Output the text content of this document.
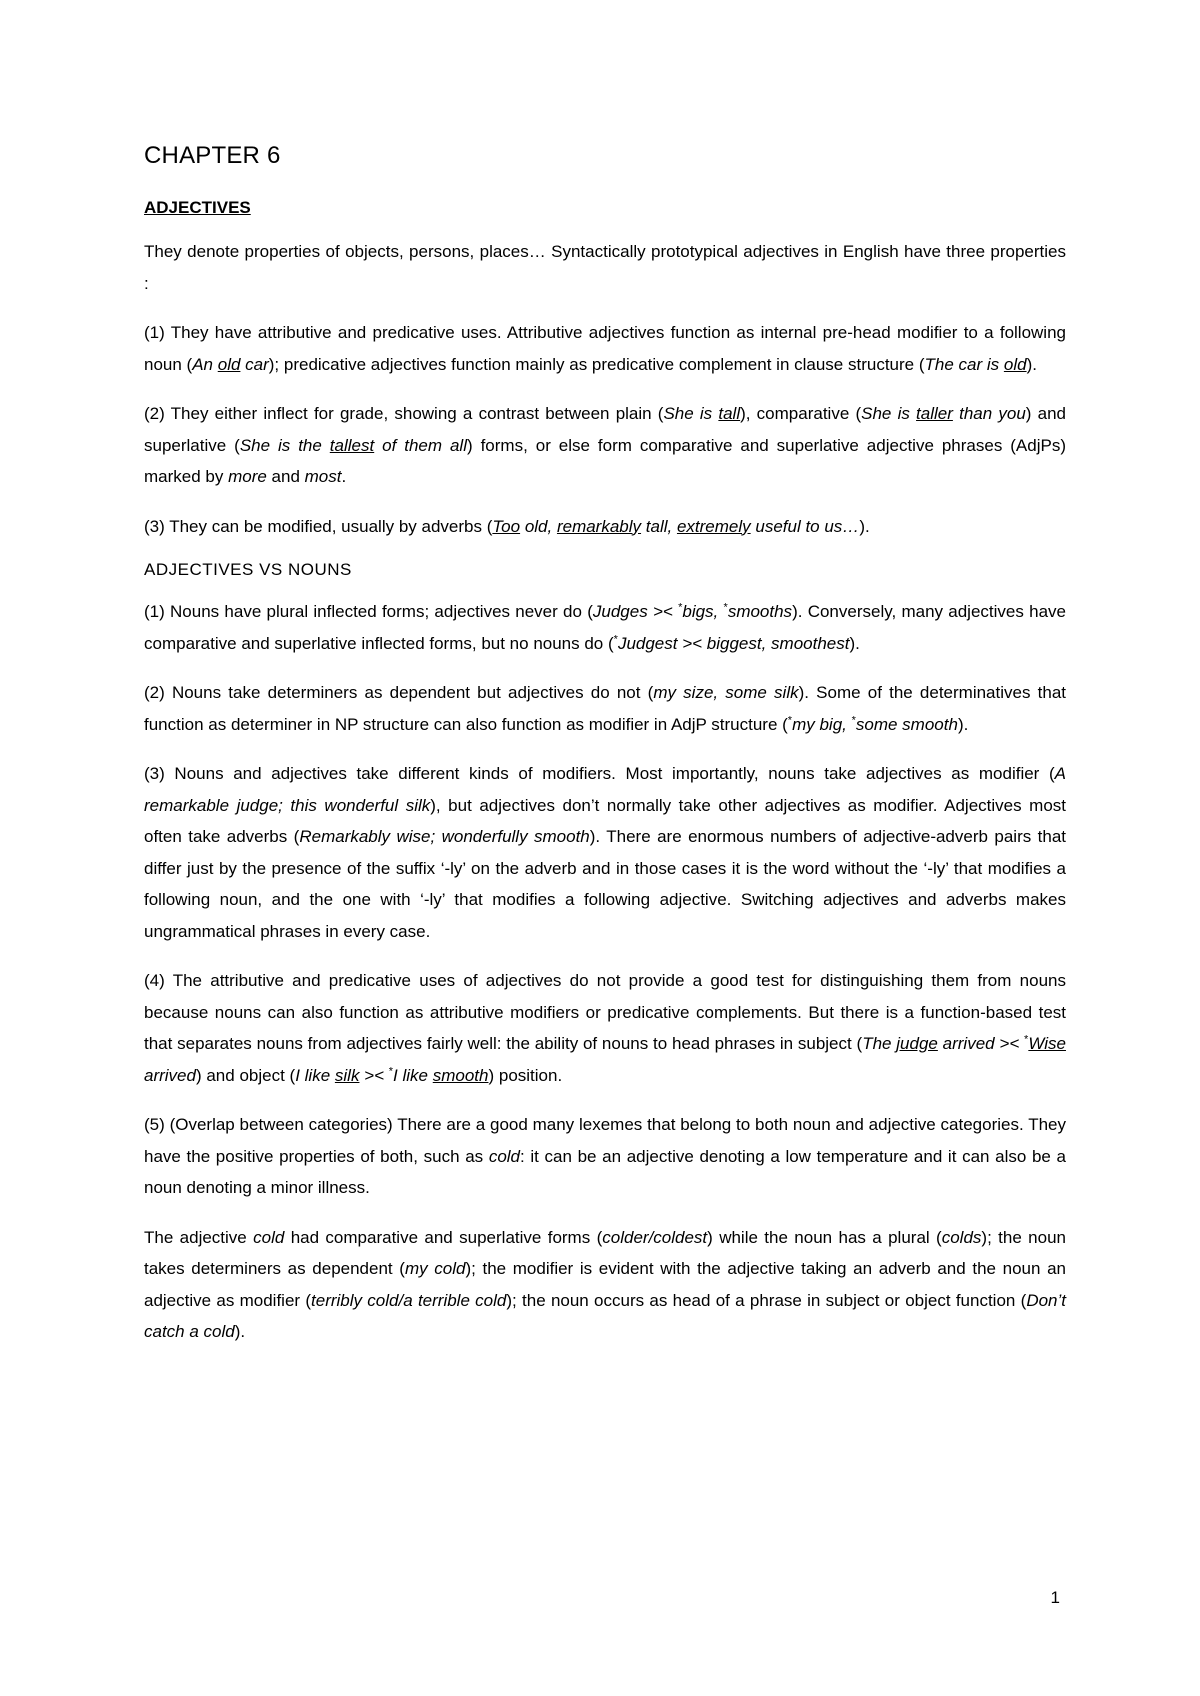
CHAPTER 6
ADJECTIVES

They denote properties of objects, persons, places… Syntactically prototypical adjectives in English have three properties :

(1) They have attributive and predicative uses. Attributive adjectives function as internal pre-head modifier to a following noun (An old car); predicative adjectives function mainly as predicative complement in clause structure (The car is old).

(2) They either inflect for grade, showing a contrast between plain (She is tall), comparative (She is taller than you) and superlative (She is the tallest of them all) forms, or else form comparative and superlative adjective phrases (AdjPs) marked by more and most.

(3) They can be modified, usually by adverbs (Too old, remarkably tall, extremely useful to us…).

ADJECTIVES VS NOUNS

(1) Nouns have plural inflected forms; adjectives never do (Judges >< *bigs, *smooths). Conversely, many adjectives have comparative and superlative inflected forms, but no nouns do (*Judgest >< biggest, smoothest).

(2) Nouns take determiners as dependent but adjectives do not (my size, some silk). Some of the determinatives that function as determiner in NP structure can also function as modifier in AdjP structure (*my big, *some smooth).

(3) Nouns and adjectives take different kinds of modifiers. Most importantly, nouns take adjectives as modifier (A remarkable judge; this wonderful silk), but adjectives don’t normally take other adjectives as modifier. Adjectives most often take adverbs (Remarkably wise; wonderfully smooth). There are enormous numbers of adjective-adverb pairs that differ just by the presence of the suffix ‘-ly’ on the adverb and in those cases it is the word without the ‘-ly’ that modifies a following noun, and the one with ‘-ly’ that modifies a following adjective. Switching adjectives and adverbs makes ungrammatical phrases in every case.

(4) The attributive and predicative uses of adjectives do not provide a good test for distinguishing them from nouns because nouns can also function as attributive modifiers or predicative complements. But there is a function-based test that separates nouns from adjectives fairly well: the ability of nouns to head phrases in subject (The judge arrived >< *Wise arrived) and object (I like silk >< *I like smooth) position.

(5) (Overlap between categories) There are a good many lexemes that belong to both noun and adjective categories. They have the positive properties of both, such as cold: it can be an adjective denoting a low temperature and it can also be a noun denoting a minor illness.

The adjective cold had comparative and superlative forms (colder/coldest) while the noun has a plural (colds); the noun takes determiners as dependent (my cold); the modifier is evident with the adjective taking an adverb and the noun an adjective as modifier (terribly cold/a terrible cold); the noun occurs as head of a phrase in subject or object function (Don’t catch a cold).

1
